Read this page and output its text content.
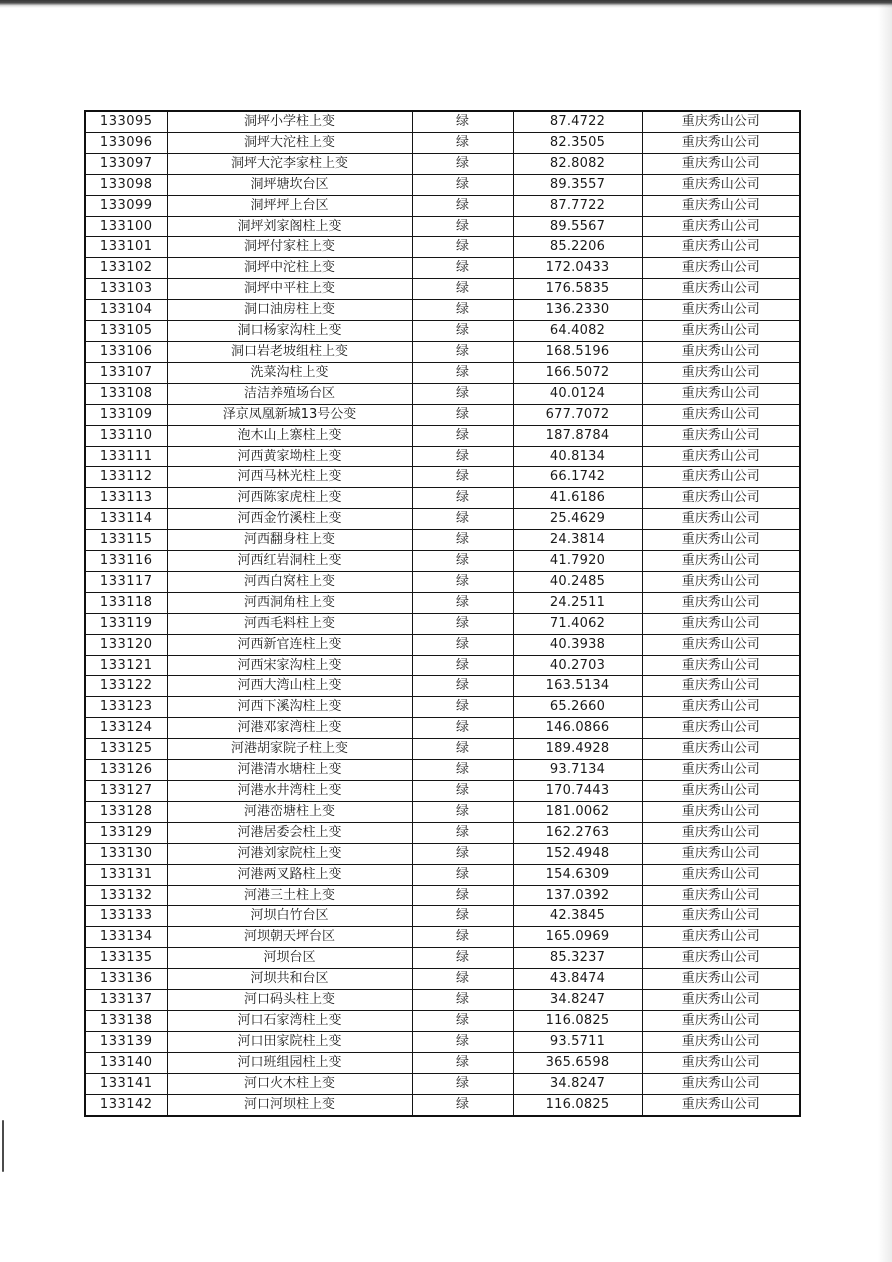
133095	洞坪小学柱上变	绿	87.4722	重庆秀山公司
133096	洞坪大沱柱上变	绿	82.3505	重庆秀山公司
133097	洞坪大沱李家柱上变	绿	82.8082	重庆秀山公司
133098	洞坪塘坎台区	绿	89.3557	重庆秀山公司
133099	洞坪坪上台区	绿	87.7722	重庆秀山公司
133100	洞坪刘家阁柱上变	绿	89.5567	重庆秀山公司
133101	洞坪付家柱上变	绿	85.2206	重庆秀山公司
133102	洞坪中沱柱上变	绿	172.0433	重庆秀山公司
133103	洞坪中平柱上变	绿	176.5835	重庆秀山公司
133104	洞口油房柱上变	绿	136.2330	重庆秀山公司
133105	洞口杨家沟柱上变	绿	64.4082	重庆秀山公司
133106	洞口岩老坡组柱上变	绿	168.5196	重庆秀山公司
133107	洗菜沟柱上变	绿	166.5072	重庆秀山公司
133108	洁洁养殖场台区	绿	40.0124	重庆秀山公司
133109	泽京凤凰新城13号公变	绿	677.7072	重庆秀山公司
133110	泡木山上寨柱上变	绿	187.8784	重庆秀山公司
133111	河西黄家坳柱上变	绿	40.8134	重庆秀山公司
133112	河西马林光柱上变	绿	66.1742	重庆秀山公司
133113	河西陈家虎柱上变	绿	41.6186	重庆秀山公司
133114	河西金竹溪柱上变	绿	25.4629	重庆秀山公司
133115	河西翻身柱上变	绿	24.3814	重庆秀山公司
133116	河西红岩洞柱上变	绿	41.7920	重庆秀山公司
133117	河西白窝柱上变	绿	40.2485	重庆秀山公司
133118	河西洞角柱上变	绿	24.2511	重庆秀山公司
133119	河西毛料柱上变	绿	71.4062	重庆秀山公司
133120	河西新官连柱上变	绿	40.3938	重庆秀山公司
133121	河西宋家沟柱上变	绿	40.2703	重庆秀山公司
133122	河西大湾山柱上变	绿	163.5134	重庆秀山公司
133123	河西下溪沟柱上变	绿	65.2660	重庆秀山公司
133124	河港邓家湾柱上变	绿	146.0866	重庆秀山公司
133125	河港胡家院子柱上变	绿	189.4928	重庆秀山公司
133126	河港清水塘柱上变	绿	93.7134	重庆秀山公司
133127	河港水井湾柱上变	绿	170.7443	重庆秀山公司
133128	河港峦塘柱上变	绿	181.0062	重庆秀山公司
133129	河港居委会柱上变	绿	162.2763	重庆秀山公司
133130	河港刘家院柱上变	绿	152.4948	重庆秀山公司
133131	河港两叉路柱上变	绿	154.6309	重庆秀山公司
133132	河港三土柱上变	绿	137.0392	重庆秀山公司
133133	河坝白竹台区	绿	42.3845	重庆秀山公司
133134	河坝朝天坪台区	绿	165.0969	重庆秀山公司
133135	河坝台区	绿	85.3237	重庆秀山公司
133136	河坝共和台区	绿	43.8474	重庆秀山公司
133137	河口码头柱上变	绿	34.8247	重庆秀山公司
133138	河口石家湾柱上变	绿	116.0825	重庆秀山公司
133139	河口田家院柱上变	绿	93.5711	重庆秀山公司
133140	河口班组园柱上变	绿	365.6598	重庆秀山公司
133141	河口火木柱上变	绿	34.8247	重庆秀山公司
133142	河口河坝柱上变	绿	116.0825	重庆秀山公司
